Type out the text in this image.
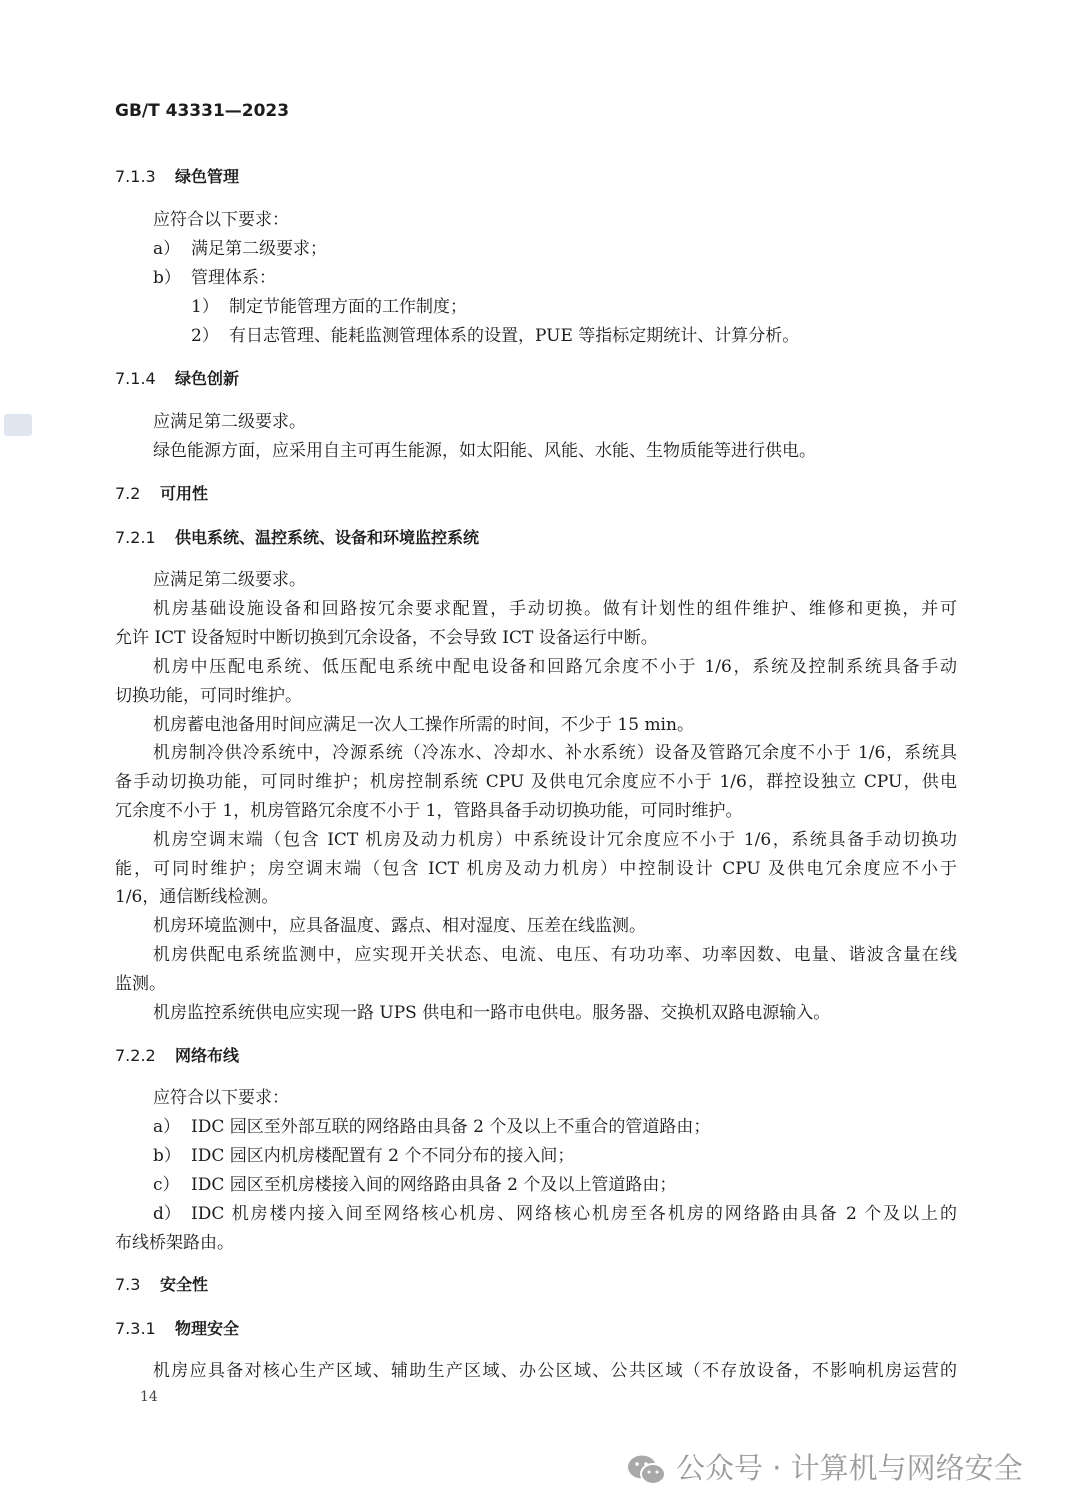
GB/T 43331—2023
7.1.3 绿色管理
应符合以下要求：
a） 满足第二级要求；
b） 管理体系：
1） 制定节能管理方面的工作制度；
2） 有日志管理、能耗监测管理体系的设置，PUE 等指标定期统计、计算分析。
7.1.4 绿色创新
应满足第二级要求。
绿色能源方面，应采用自主可再生能源，如太阳能、风能、水能、生物质能等进行供电。
7.2 可用性
7.2.1 供电系统、温控系统、设备和环境监控系统
应满足第二级要求。
机房基础设施设备和回路按冗余要求配置，手动切换。做有计划性的组件维护、维修和更换，并可
允许 ICT 设备短时中断切换到冗余设备，不会导致 ICT 设备运行中断。
机房中压配电系统、低压配电系统中配电设备和回路冗余度不小于 1/6，系统及控制系统具备手动
切换功能，可同时维护。
机房蓄电池备用时间应满足一次人工操作所需的时间，不少于 15 min。
机房制冷供冷系统中，冷源系统（冷冻水、冷却水、补水系统）设备及管路冗余度不小于 1/6，系统具
备手动切换功能，可同时维护；机房控制系统 CPU 及供电冗余度应不小于 1/6，群控设独立 CPU，供电
冗余度不小于 1，机房管路冗余度不小于 1，管路具备手动切换功能，可同时维护。
机房空调末端（包含 ICT 机房及动力机房）中系统设计冗余度应不小于 1/6，系统具备手动切换功
能，可同时维护；房空调末端（包含 ICT 机房及动力机房）中控制设计 CPU 及供电冗余度应不小于
1/6，通信断线检测。
机房环境监测中，应具备温度、露点、相对湿度、压差在线监测。
机房供配电系统监测中，应实现开关状态、电流、电压、有功功率、功率因数、电量、谐波含量在线
监测。
机房监控系统供电应实现一路 UPS 供电和一路市电供电。服务器、交换机双路电源输入。
7.2.2 网络布线
应符合以下要求：
a） IDC 园区至外部互联的网络路由具备 2 个及以上不重合的管道路由；
b） IDC 园区内机房楼配置有 2 个不同分布的接入间；
c） IDC 园区至机房楼接入间的网络路由具备 2 个及以上管道路由；
d） IDC 机房楼内接入间至网络核心机房、网络核心机房至各机房的网络路由具备 2 个及以上的
布线桥架路由。
7.3 安全性
7.3.1 物理安全
机房应具备对核心生产区域、辅助生产区域、办公区域、公共区域（不存放设备，不影响机房运营的
14
公众号 · 计算机与网络安全
